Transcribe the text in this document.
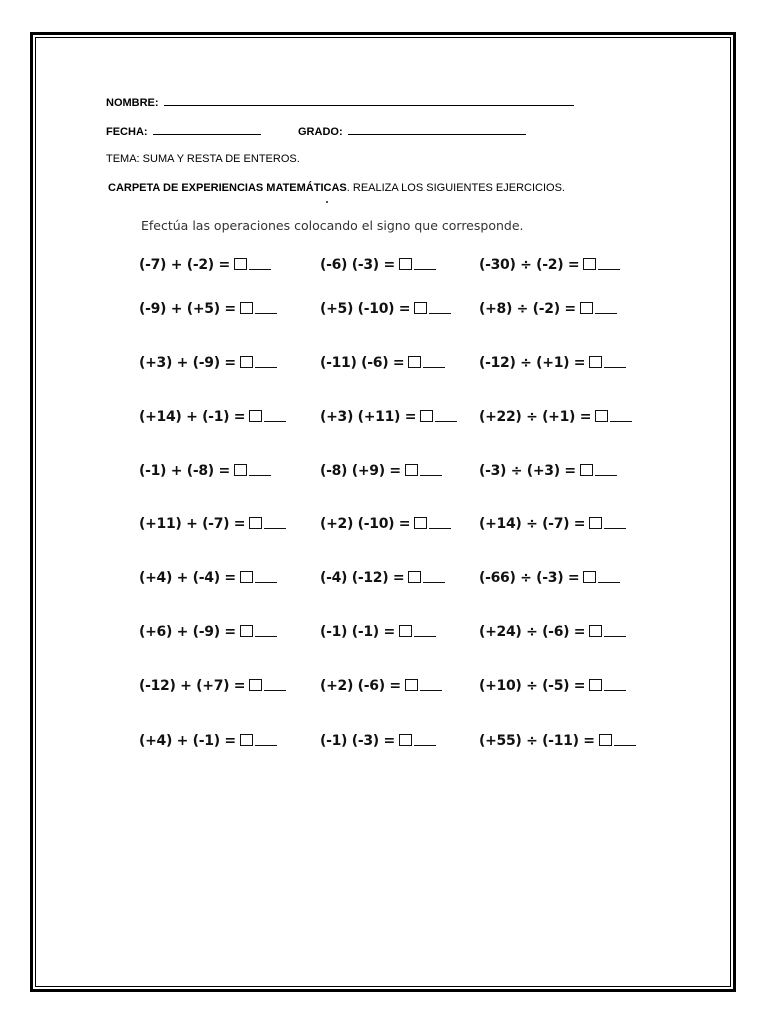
NOMBRE:
FECHA:	GRADO:
TEMA: SUMA Y RESTA DE ENTEROS.
CARPETA DE EXPERIENCIAS MATEMÁTICAS. REALIZA LOS SIGUIENTES EJERCICIOS.
Efectúa las operaciones colocando el signo que corresponde.
(-7) + (-2) =
(-9) + (+5) =
(+3) + (-9) =
(+14) + (-1) =
(-1) + (-8) =
(+11) + (-7) =
(+4) + (-4) =
(+6) + (-9) =
(-12) + (+7) =
(+4) + (-1) =
(-6) (-3) =
(+5) (-10) =
(-11) (-6) =
(+3) (+11) =
(-8) (+9) =
(+2) (-10) =
(-4) (-12) =
(-1) (-1) =
(+2) (-6) =
(-1) (-3) =
(-30) ÷ (-2) =
(+8) ÷ (-2) =
(-12) ÷ (+1) =
(+22) ÷ (+1) =
(-3) ÷ (+3) =
(+14) ÷ (-7) =
(-66) ÷ (-3) =
(+24) ÷ (-6) =
(+10) ÷ (-5) =
(+55) ÷ (-11) =
